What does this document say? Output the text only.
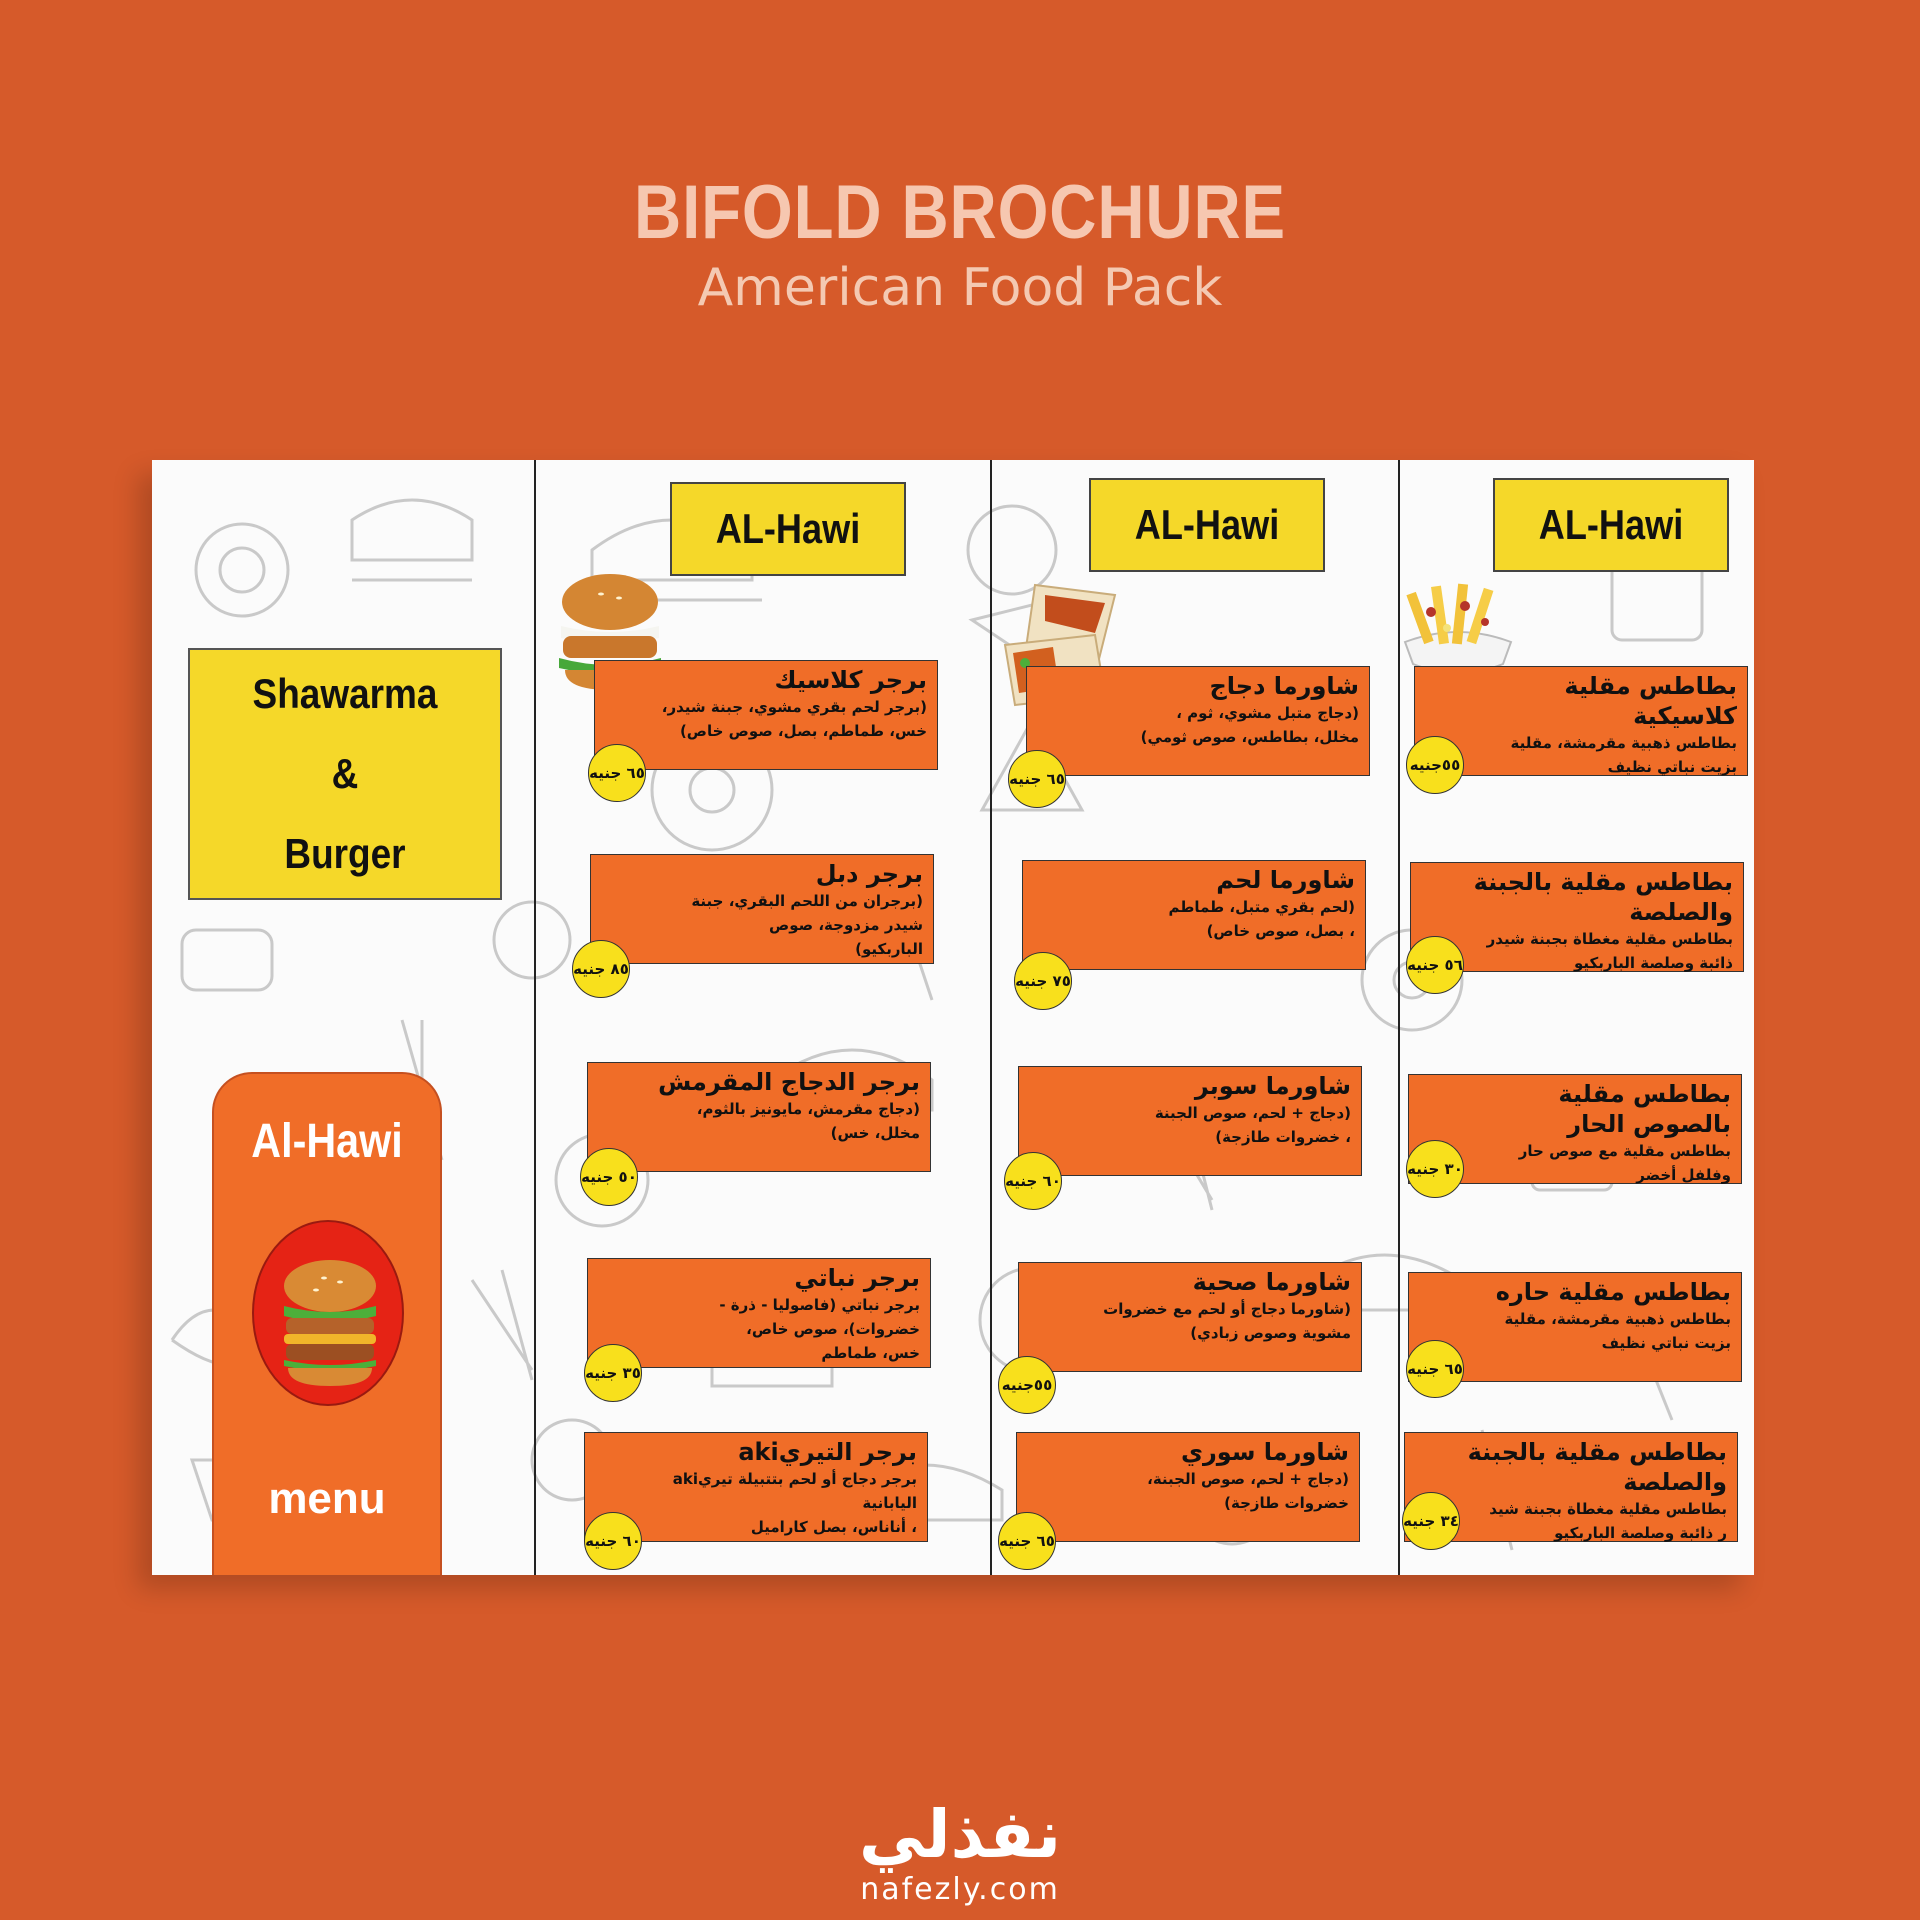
BIFOLD BROCHURE
American Food Pack
Shawarma
&
Burger
Al-Hawi
menu
AL-Hawi	AL-Hawi	AL-Hawi
برجر كلاسيك
(برجر لحم بقري مشوي، جبنة شيدر،
خس، طماطم، بصل، صوص خاص)
٦٥ جنيه
برجر دبل
(برجران من اللحم البقري، جبنة شيدر مزدوجة، صوص
الباربكيو)
٨٥ جنيه
برجر الدجاج المقرمش
(دجاج مقرمش، مايونيز بالثوم، مخلل، خس)
٥٠ جنيه
برجر نباتي
برجر نباتي (فاصوليا - ذرة - خضروات)، صوص خاص،
خس، طماطم
٣٥ جنيه
برجر التيريaki
برجر دجاج أو لحم بتتبيلة تيريaki اليابانية
، أناناس، بصل كاراميل
٦٠ جنيه
شاورما دجاج
(دجاج متبل مشوي، ثوم ،
مخلل، بطاطس، صوص ثومي)
٦٥ جنيه
شاورما لحم
(لحم بقري متبل، طماطم
، بصل، صوص خاص)
٧٥ جنيه
شاورما سوبر
(دجاج + لحم، صوص الجبنة
، خضروات طازجة)
٦٠ جنيه
شاورما صحية
(شاورما دجاج أو لحم مع خضروات
مشوية وصوص زبادي)
٥٥جنيه
شاورما سوري
(دجاج + لحم، صوص الجبنة،
خضروات طازجة)
٦٥ جنيه
بطاطس مقلية كلاسيكية
بطاطس ذهبية مقرمشة، مقلية بزيت نباتي نظيف
٥٥جنيه
بطاطس مقلية بالجبنة والصلصة
بطاطس مقلية مغطاة بجبنة شيدر
ذائبة وصلصة الباربكيو
٥٦ جنيه
بطاطس مقلية بالصوص الحار
بطاطس مقلية مع صوص حار وفلفل أخضر
٣٠ جنيه
بطاطس مقلية حاره
بطاطس ذهبية مقرمشة، مقلية بزيت نباتي نظيف
٦٥ جنيه
بطاطس مقلية بالجبنة والصلصة
بطاطس مقلية مغطاة بجبنة شيد
ر ذائبة وصلصة الباربكيو
٣٤ جنيه
نفذلي
nafezly.com
